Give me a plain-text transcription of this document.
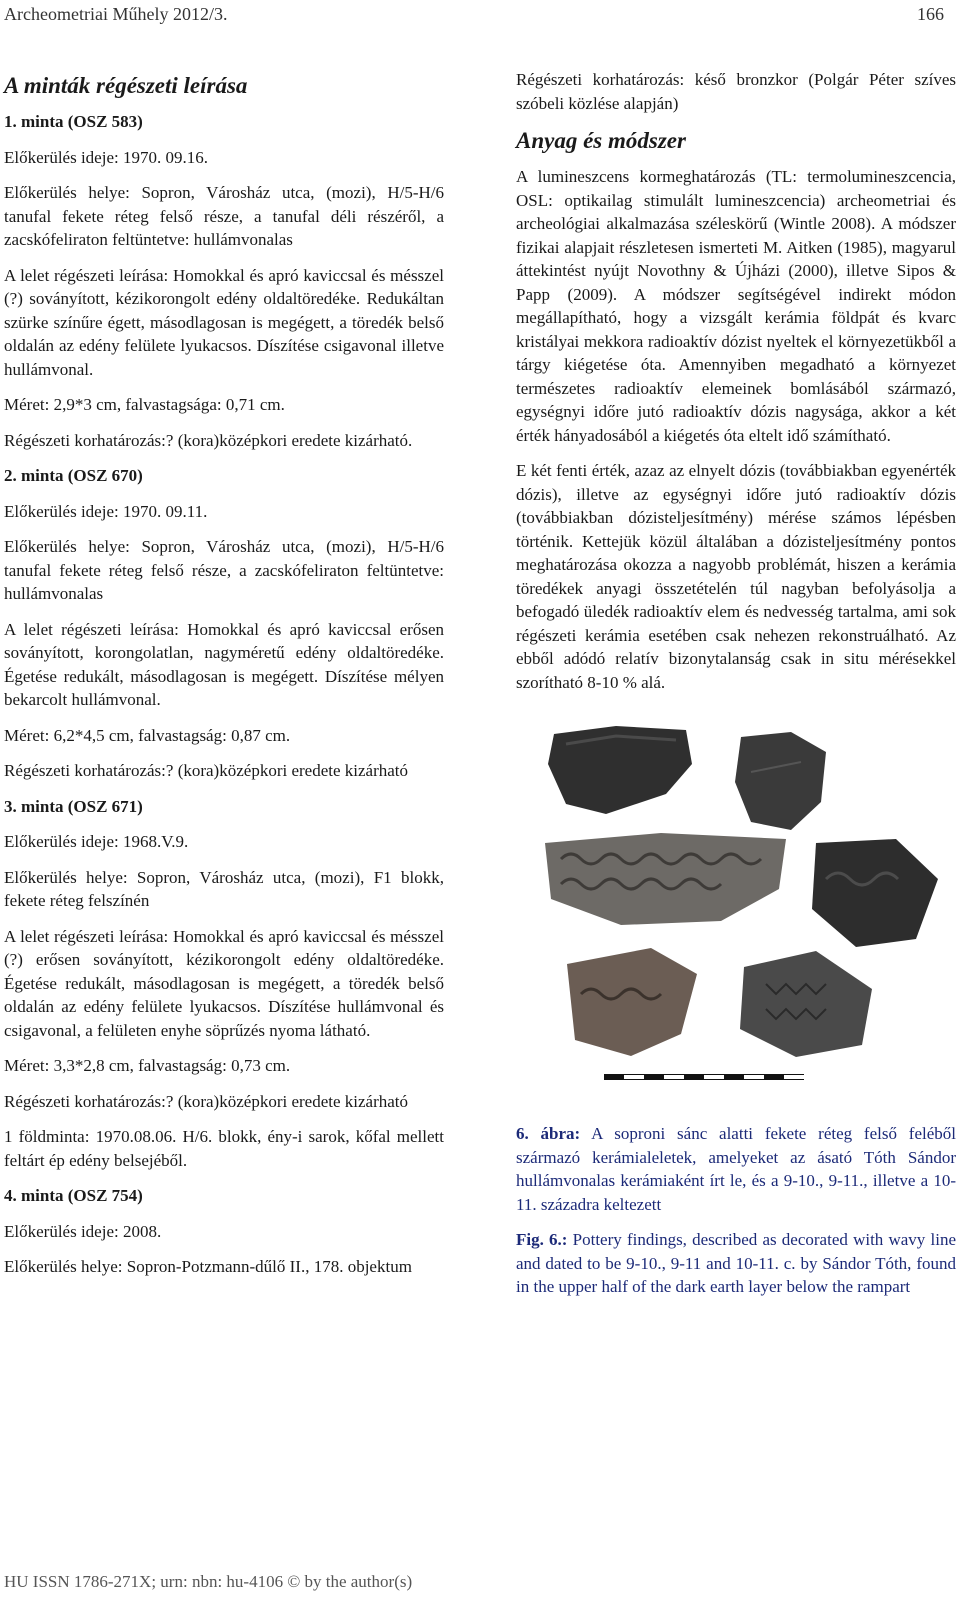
Archeometriai Műhely 2012/3.	166
A minták régészeti leírása

1. minta (OSZ 583)

Előkerülés ideje: 1970. 09.16.

Előkerülés helye: Sopron, Városház utca, (mozi), H/5-H/6 tanufal fekete réteg felső része, a tanufal déli részéről, a zacskófeliraton feltüntetve: hullámvonalas

A lelet régészeti leírása: Homokkal és apró kaviccsal és mésszel (?) soványított, kézikorongolt edény oldaltöredéke. Redukáltan szürke színűre égett, másodlagosan is megégett, a töredék belső oldalán az edény felülete lyukacsos. Díszítése csigavonal illetve hullámvonal.

Méret: 2,9*3 cm, falvastagsága: 0,71 cm.

Régészeti korhatározás:? (kora)középkori eredete kizárható.

2. minta (OSZ 670)

Előkerülés ideje: 1970. 09.11.

Előkerülés helye: Sopron, Városház utca, (mozi), H/5-H/6 tanufal fekete réteg felső része, a zacskófeliraton feltüntetve: hullámvonalas

A lelet régészeti leírása: Homokkal és apró kaviccsal erősen soványított, korongolatlan, nagyméretű edény oldaltöredéke. Égetése redukált, másodlagosan is megégett. Díszítése mélyen bekarcolt hullámvonal.

Méret: 6,2*4,5 cm, falvastagság: 0,87 cm.

Régészeti korhatározás:? (kora)középkori eredete kizárható

3. minta (OSZ 671)

Előkerülés ideje: 1968.V.9.

Előkerülés helye: Sopron, Városház utca, (mozi), F1 blokk, fekete réteg felszínén

A lelet régészeti leírása: Homokkal és apró kaviccsal és mésszel (?) erősen soványított, kézikorongolt edény oldaltöredéke. Égetése redukált, másodlagosan is megégett, a töredék belső oldalán az edény felülete lyukacsos. Díszítése hullámvonal és csigavonal, a felületen enyhe söprűzés nyoma látható.

Méret: 3,3*2,8 cm, falvastagság: 0,73 cm.

Régészeti korhatározás:? (kora)középkori eredete kizárható

1 földminta: 1970.08.06. H/6. blokk, ény-i sarok, kőfal mellett feltárt ép edény belsejéből.

4. minta (OSZ 754)

Előkerülés ideje: 2008.

Előkerülés helye: Sopron-Potzmann-dűlő II., 178. objektum

Régészeti korhatározás: késő bronzkor (Polgár Péter szíves szóbeli közlése alapján)

Anyag és módszer

A lumineszcens kormeghatározás (TL: termolumineszcencia, OSL: optikailag stimulált lumineszcencia) archeometriai és archeológiai alkalmazása széleskörű (Wintle 2008). A módszer fizikai alapjait részletesen ismerteti M. Aitken (1985), magyarul áttekintést nyújt Novothny & Újházi (2000), illetve Sipos & Papp (2009). A módszer segítségével indirekt módon megállapítható, hogy a vizsgált kerámia földpát és kvarc kristályai mekkora radioaktív dózist nyeltek el környezetükből a tárgy kiégetése óta. Amennyiben megadható a környezet természetes radioaktív elemeinek bomlásából származó, egységnyi időre jutó radioaktív dózis nagysága, akkor a két érték hányadosából a kiégetés óta eltelt idő számítható.

E két fenti érték, azaz az elnyelt dózis (továbbiakban egyenérték dózis), illetve az egységnyi időre jutó radioaktív dózis (továbbiakban dózisteljesítmény) mérése számos lépésben történik. Kettejük közül általában a dózisteljesítmény pontos meghatározása okozza a nagyobb problémát, hiszen a kerámia töredékek anyagi összetételén túl nagyban befolyásolja a befogadó üledék radioaktív elem és nedvesség tartalma, ami sok régészeti kerámia esetében csak nehezen rekonstruálható. Az ebből adódó relatív bizonytalanság csak in situ mérésekkel szorítható 8-10 % alá.

6. ábra: A soproni sánc alatti fekete réteg felső feléből származó kerámialeletek, amelyeket az ásató Tóth Sándor hullámvonalas kerámiaként írt le, és a 9-10., 9-11., illetve a 10-11. századra keltezett

Fig. 6.: Pottery findings, described as decorated with wavy line and dated to be 9-10., 9-11 and 10-11. c. by Sándor Tóth, found in the upper half of the dark earth layer below the rampart

HU ISSN 1786-271X; urn: nbn: hu-4106 © by the author(s)
